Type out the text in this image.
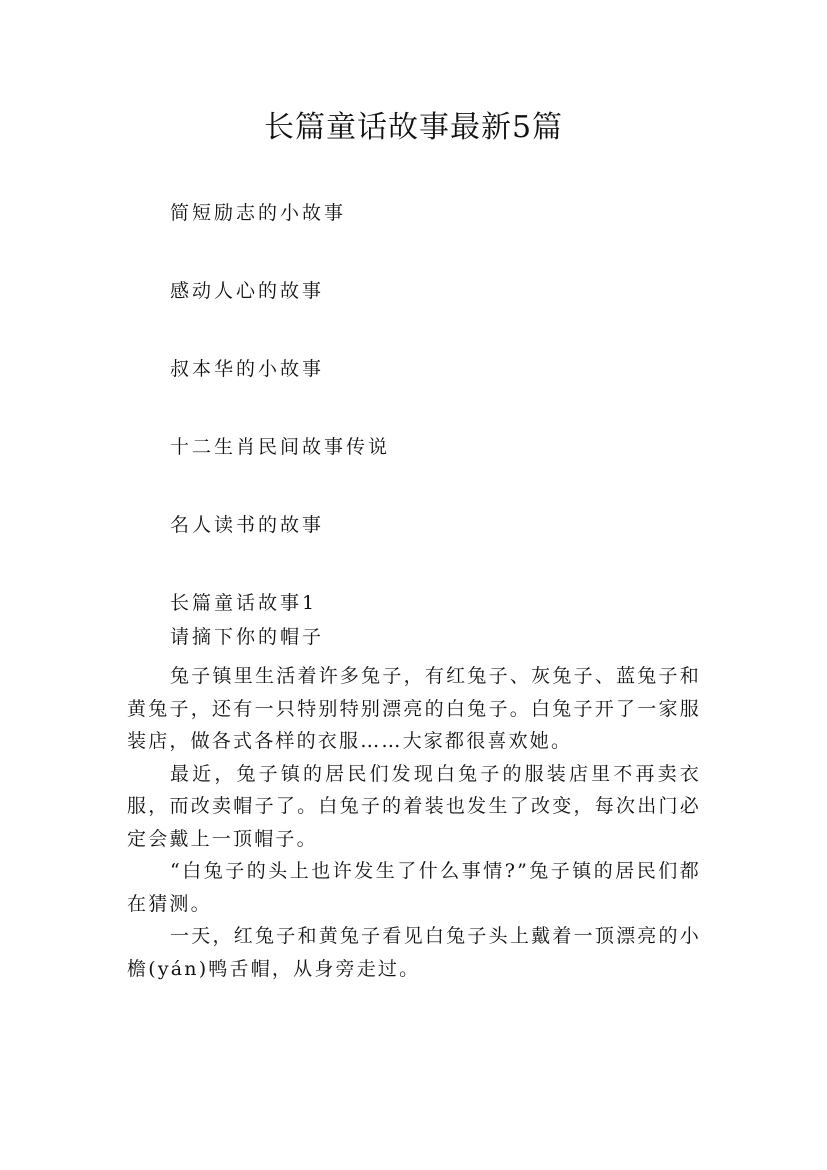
长篇童话故事最新5篇
简短励志的小故事
感动人心的故事
叔本华的小故事
十二生肖民间故事传说
名人读书的故事
长篇童话故事1
请摘下你的帽子

兔子镇里生活着许多兔子，有红兔子、灰兔子、蓝兔子和黄兔子，还有一只特别特别漂亮的白兔子。白兔子开了一家服装店，做各式各样的衣服……大家都很喜欢她。

最近，兔子镇的居民们发现白兔子的服装店里不再卖衣服，而改卖帽子了。白兔子的着装也发生了改变，每次出门必定会戴上一顶帽子。

“白兔子的头上也许发生了什么事情?”兔子镇的居民们都在猜测。

一天，红兔子和黄兔子看见白兔子头上戴着一顶漂亮的小檐(yán)鸭舌帽，从身旁走过。
